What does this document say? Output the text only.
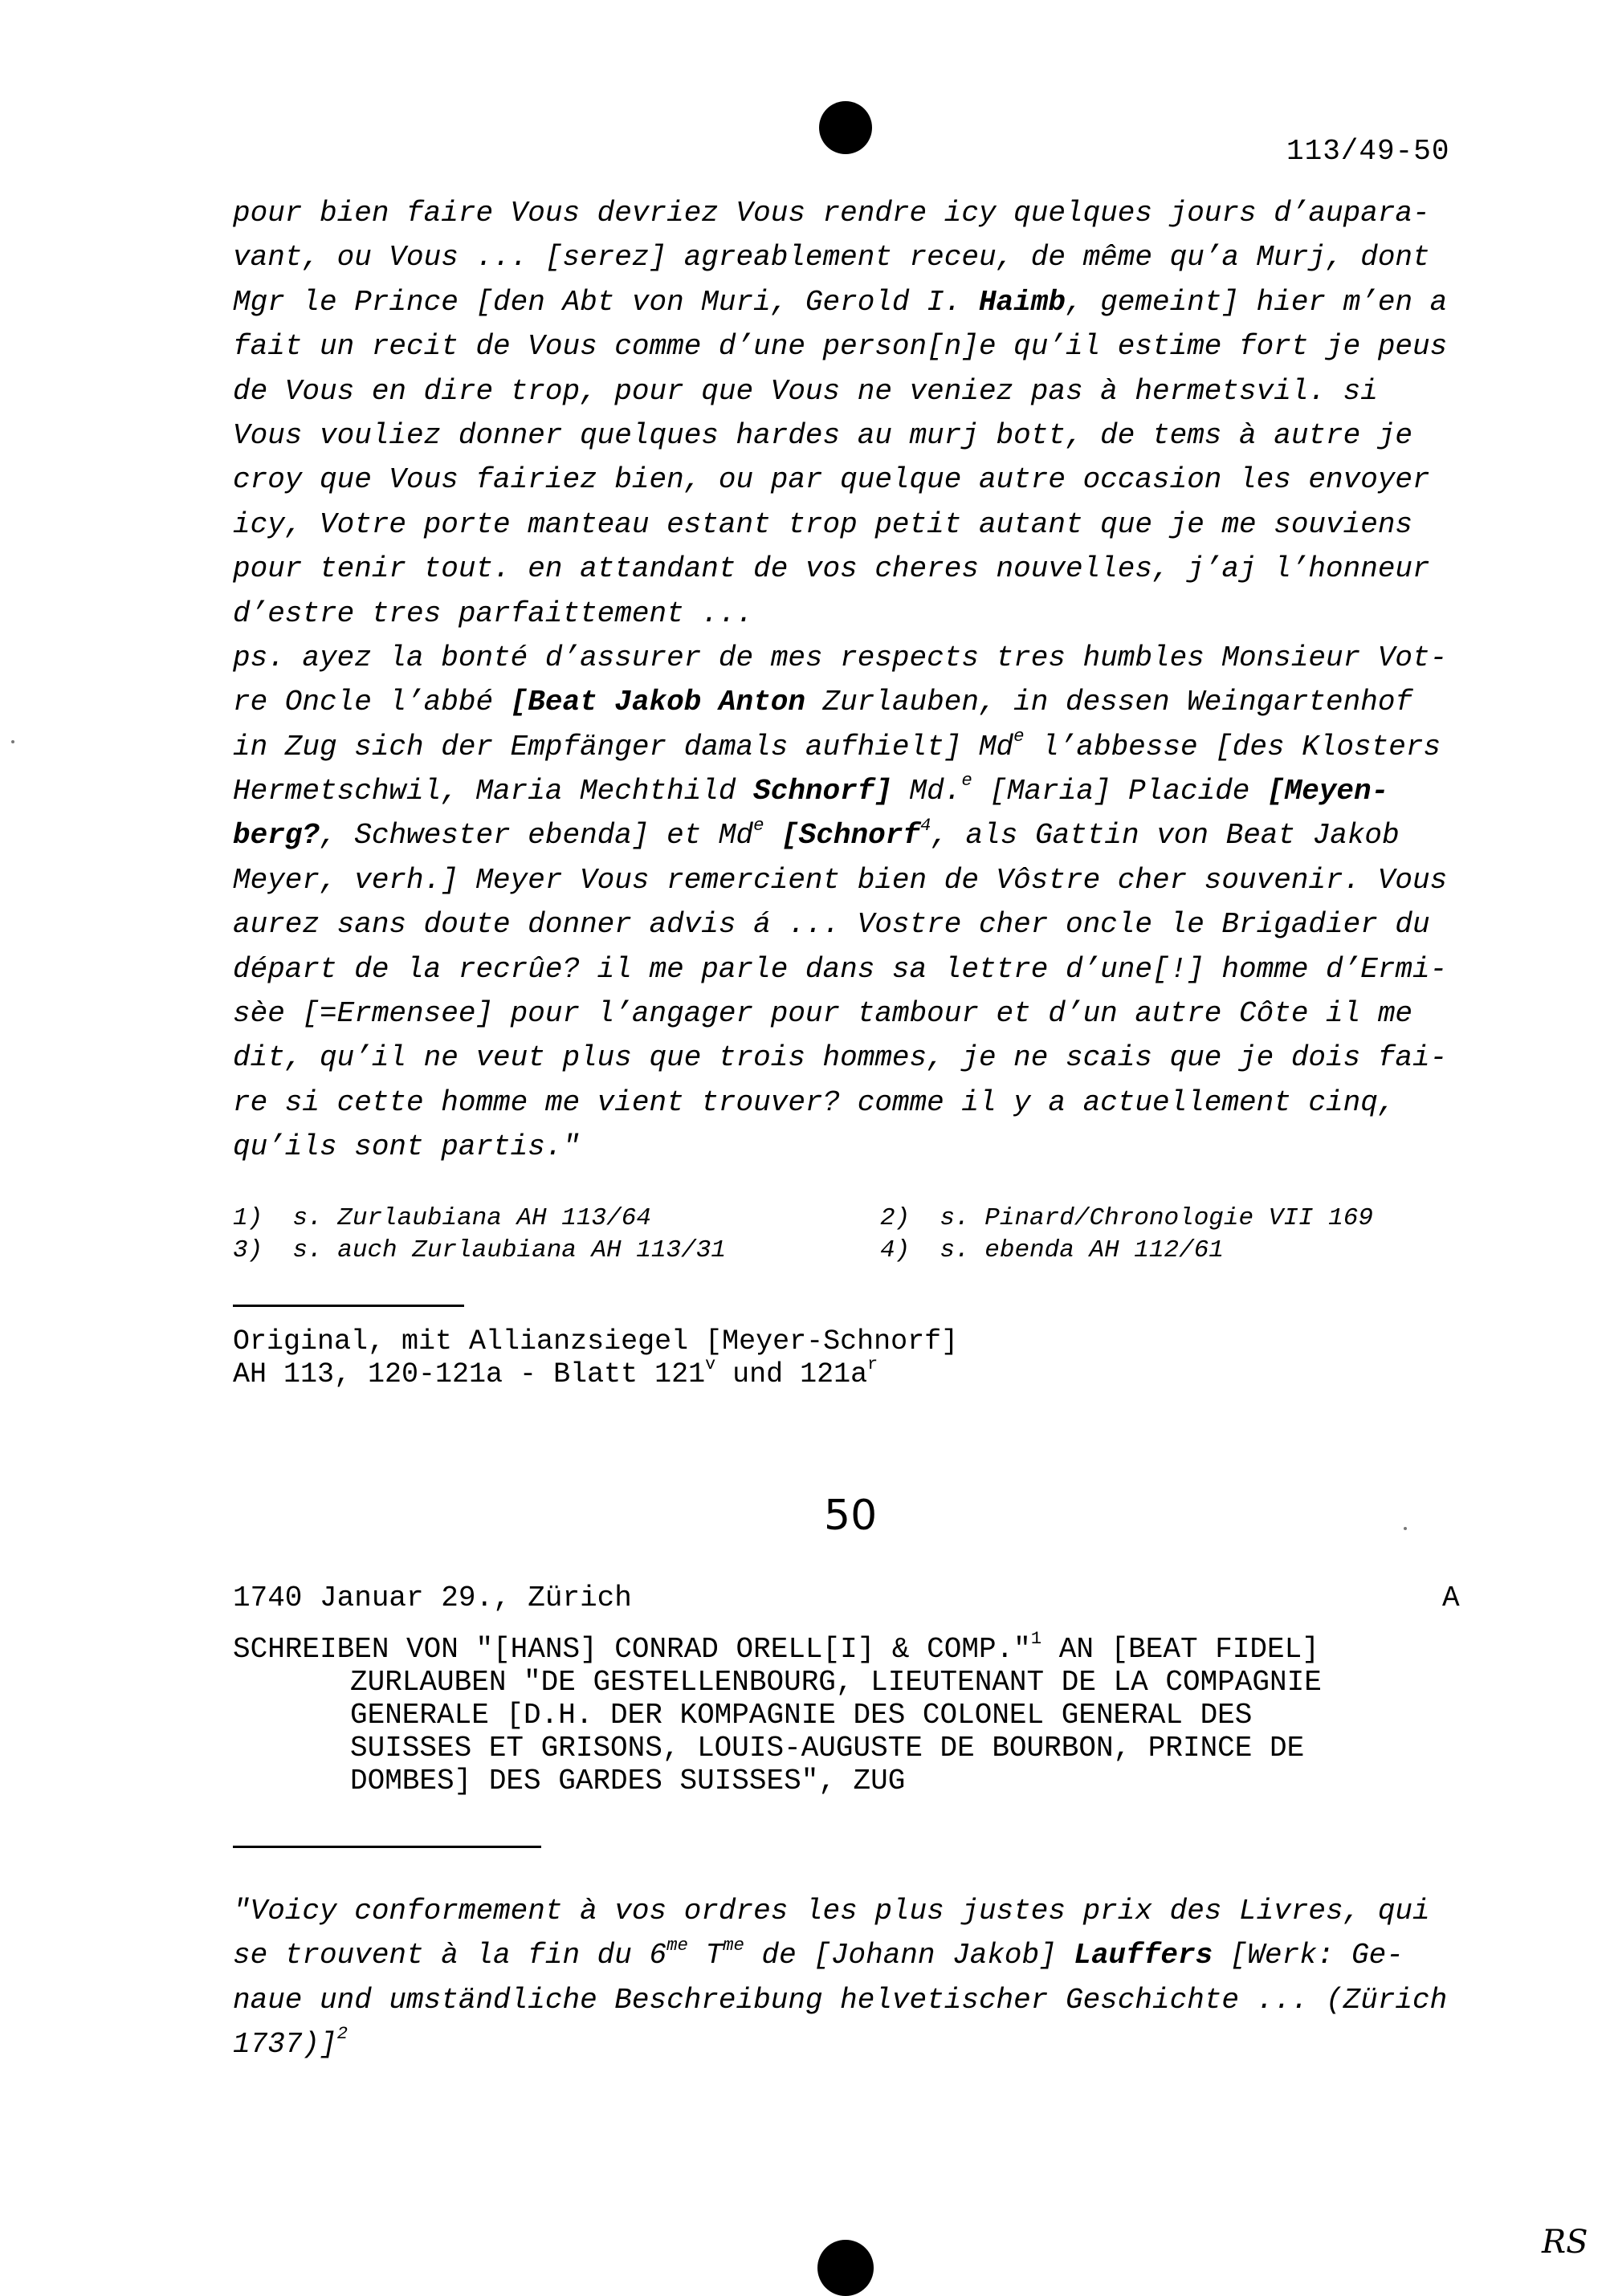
113/49-50
pour bien faire Vous devriez Vous rendre icy quelques jours d’aupara-
vant, ou Vous ... [serez] agreablement receu, de même qu’a Murj, dont
Mgr le Prince [den Abt von Muri, Gerold I. Haimb, gemeint] hier m’en a
fait un recit de Vous comme d’une person[n]e qu’il estime fort je peus
de Vous en dire trop, pour que Vous ne veniez pas à hermetsvil. si
Vous vouliez donner quelques hardes au murj bott, de tems à autre je
croy que Vous fairiez bien, ou par quelque autre occasion les envoyer
icy, Votre porte manteau estant trop petit autant que je me souviens
pour tenir tout. en attandant de vos cheres nouvelles, j’aj l’honneur
d’estre tres parfaittement ...
ps. ayez la bonté d’assurer de mes respects tres humbles Monsieur Vot-
re Oncle l’abbé [Beat Jakob Anton Zurlauben, in dessen Weingartenhof
in Zug sich der Empfänger damals aufhielt] Md$^e$ l’abbesse [des Klosters
Hermetschwil, Maria Mechthild Schnorf] Md.$^e$ [Maria] Placide [Meyen-
berg?, Schwester ebenda] et Md$^e$ [Schnorf$^4$, als Gattin von Beat Jakob
Meyer, verh.] Meyer Vous remercient bien de Vôstre cher souvenir. Vous
aurez sans doute donner advis á ... Vostre cher oncle le Brigadier du
départ de la recrûe? il me parle dans sa lettre d’une[!] homme d’Ermi-
sèe [=Ermensee] pour l’angager pour tambour et d’un autre Côte il me
dit, qu’il ne veut plus que trois hommes, je ne scais que je dois fai-
re si cette homme me vient trouver? comme il y a actuellement cinq,
qu’ils sont partis."
1) s. Zurlaubiana AH 113/64	2) s. Pinard/Chronologie VII 169
3) s. auch Zurlaubiana AH 113/31	4) s. ebenda AH 112/61
Original, mit Allianzsiegel [Meyer-Schnorf]
AH 113, 120-121a - Blatt 121$^v$ und $121a^r$
50
1740 Januar 29., Zürich	A
SCHREIBEN VON "[HANS] CONRAD ORELL[I] & COMP."$^1$ AN [BEAT FIDEL]
ZURLAUBEN "DE GESTELLENBOURG, LIEUTENANT DE LA COMPAGNIE
GENERALE [D.H. DER KOMPAGNIE DES COLONEL GENERAL DES
SUISSES ET GRISONS, LOUIS-AUGUSTE DE BOURBON, PRINCE DE
DOMBES] DES GARDES SUISSES", ZUG
"Voicy conformement à vos ordres les plus justes prix des Livres, qui
se trouvent à la fin du $6^{me}$ $T^{me}$ de [Johann Jakob] Lauffers [Werk: Ge-
naue und umständliche Beschreibung helvetischer Geschichte ... (Zürich
1737)]$^2$
RS
